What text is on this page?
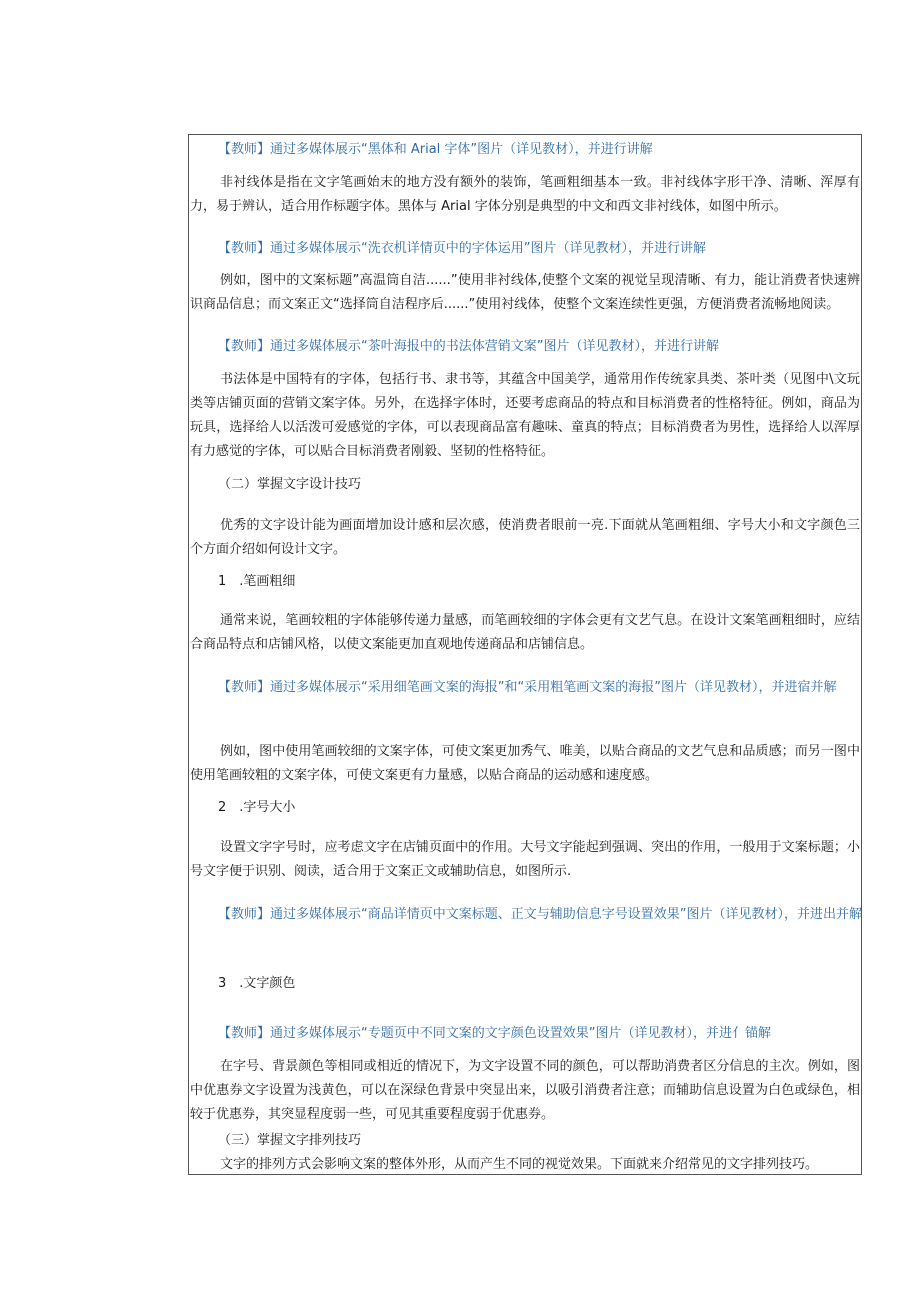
【教师】通过多媒体展示“黑体和 Arial 字体”图片（详见教材），并进行讲解
非衬线体是指在文字笔画始末的地方没有额外的装饰，笔画粗细基本一致。非衬线体字形干净、清晰、浑厚有力，易于辨认，适合用作标题字体。黑体与 Arial 字体分别是典型的中文和西文非衬线体，如图中所示。
【教师】通过多媒体展示“洗衣机详情页中的字体运用”图片（详见教材），并进行讲解
例如，图中的文案标题”高温筒自洁......”使用非衬线体,使整个文案的视觉呈现清晰、有力，能让消费者快速辨识商品信息；而文案正文“选择筒自洁程序后......”使用衬线体，使整个文案连续性更强，方便消费者流畅地阅读。
【教师】通过多媒体展示“茶叶海报中的书法体营销文案”图片（详见教材），并进行讲解
书法体是中国特有的字体，包括行书、隶书等，其蕴含中国美学，通常用作传统家具类、茶叶类（见图中\文玩类等店铺页面的营销文案字体。另外，在选择字体时，还要考虑商品的特点和目标消费者的性格特征。例如，商品为玩具，选择给人以活泼可爱感觉的字体，可以表现商品富有趣味、童真的特点；目标消费者为男性，选择给人以浑厚有力感觉的字体，可以贴合目标消费者刚毅、坚韧的性格特征。
（二）掌握文字设计技巧
优秀的文字设计能为画面增加设计感和层次感，使消费者眼前一亮.下面就从笔画粗细、字号大小和文字颜色三个方面介绍如何设计文字。
1　.笔画粗细
通常来说，笔画较粗的字体能够传递力量感，而笔画较细的字体会更有文艺气息。在设计文案笔画粗细时，应结合商品特点和店铺风格，以使文案能更加直观地传递商品和店铺信息。
【教师】通过多媒体展示“采用细笔画文案的海报”和“采用粗笔画文案的海报”图片（详见教材），并进宿并解
例如，图中使用笔画较细的文案字体，可使文案更加秀气、唯美，以贴合商品的文艺气息和品质感；而另一图中使用笔画较粗的文案字体，可使文案更有力量感，以贴合商品的运动感和速度感。
2　.字号大小
设置文字字号时，应考虑文字在店铺页面中的作用。大号文字能起到强调、突出的作用，一般用于文案标题；小号文字便于识别、阅读，适合用于文案正文或辅助信息，如图所示.
【教师】通过多媒体展示“商品详情页中文案标题、正文与辅助信息字号设置效果”图片（详见教材），并进出并解
3　.文字颜色
【教师】通过多媒体展示“专题页中不同文案的文字颜色设置效果”图片（详见教材），并进亻锚解
在字号、背景颜色等相同或相近的情况下，为文字设置不同的颜色，可以帮助消费者区分信息的主次。例如，图中优惠券文字设置为浅黄色，可以在深绿色背景中突显出来，以吸引消费者注意；而辅助信息设置为白色或绿色，相较于优惠券，其突显程度弱一些，可见其重要程度弱于优惠券。
（三）掌握文字排列技巧
文字的排列方式会影响文案的整体外形，从而产生不同的视觉效果。下面就来介绍常见的文字排列技巧。
